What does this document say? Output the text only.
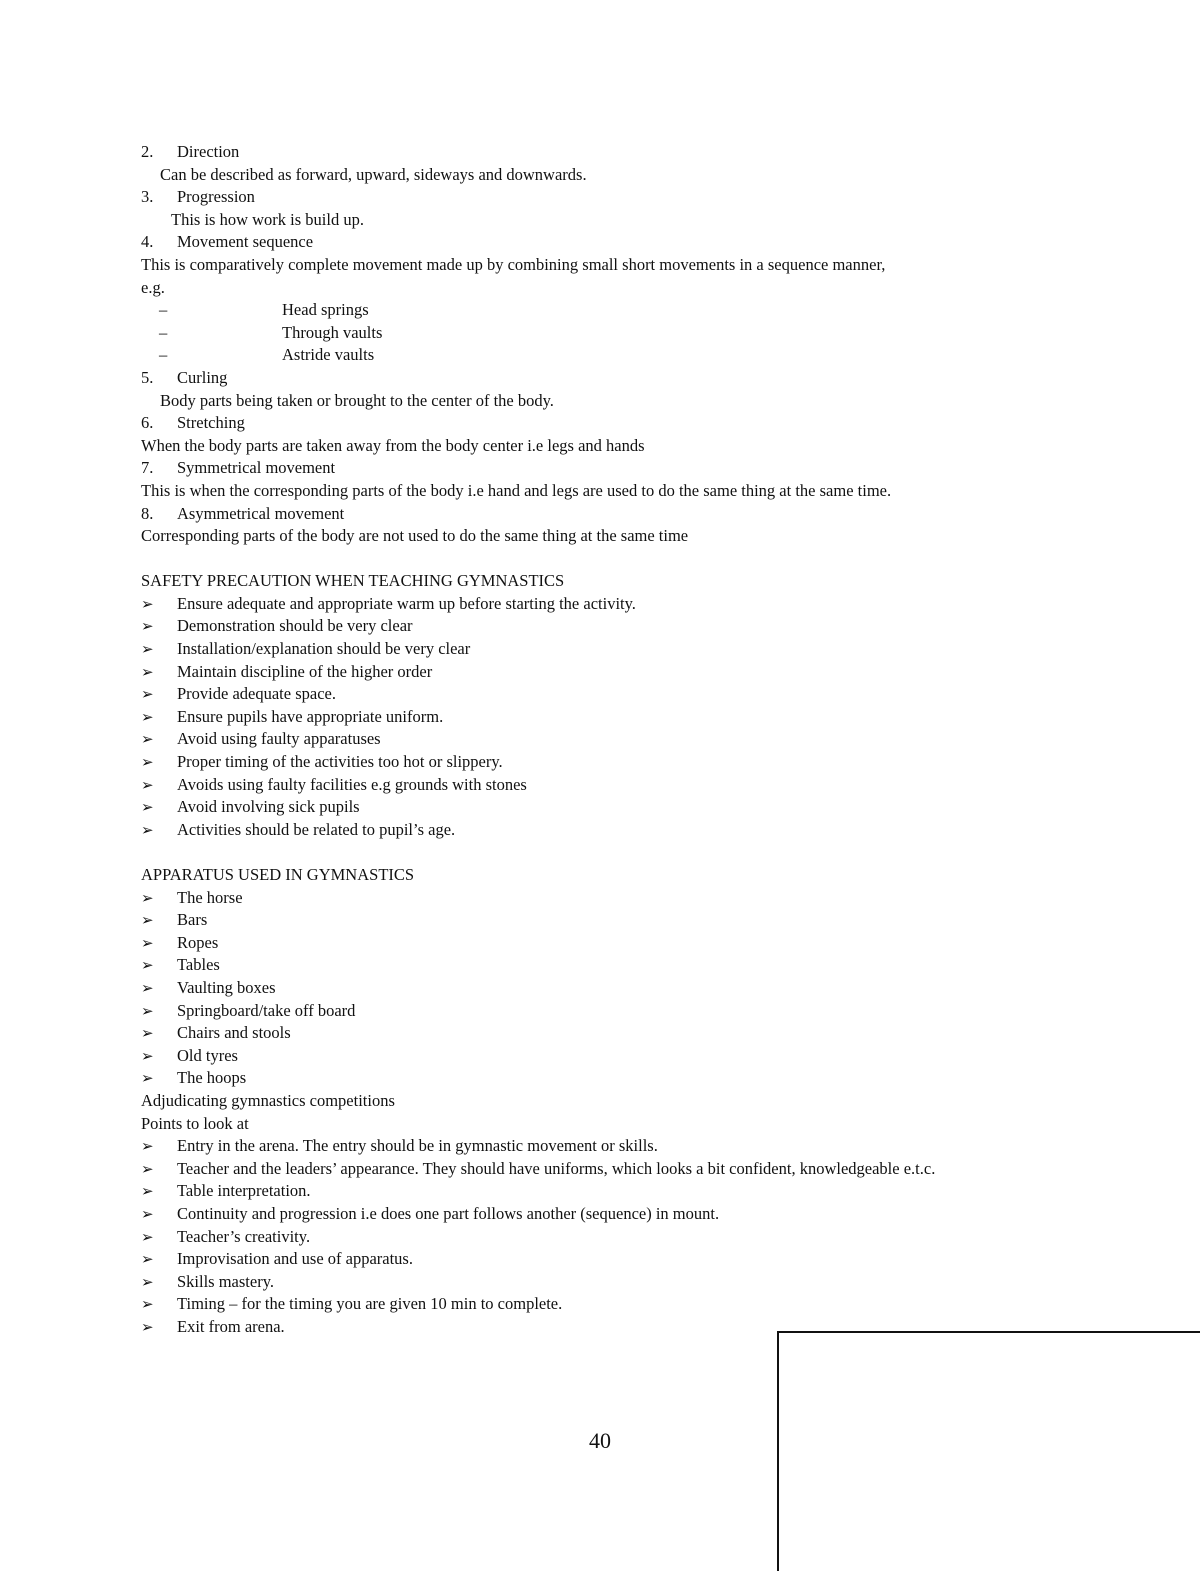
2. Direction
Can be described as forward, upward, sideways and downwards.
3. Progression
This is how work is build up.
4. Movement sequence
This is comparatively complete movement made up by combining small short movements in a sequence manner,
e.g.
–	Head springs
–	Through vaults
–	Astride vaults
5. Curling
Body parts being taken or brought to the center of the body.
6. Stretching
When the body parts are taken away from the body center i.e legs and hands
7. Symmetrical movement
This is when the corresponding parts of the body i.e hand and legs are used to do the same thing at the same time.
8. Asymmetrical movement
Corresponding parts of the body are not used to do the same thing at the same time
SAFETY PRECAUTION WHEN TEACHING GYMNASTICS
➢ Ensure adequate and appropriate warm up before starting the activity.
➢ Demonstration should be very clear
➢ Installation/explanation should be very clear
➢ Maintain discipline of the higher order
➢ Provide adequate space.
➢ Ensure pupils have appropriate uniform.
➢ Avoid using faulty apparatuses
➢ Proper timing of the activities too hot or slippery.
➢ Avoids using faulty facilities e.g grounds with stones
➢ Avoid involving sick pupils
➢ Activities should be related to pupil’s age.
APPARATUS USED IN GYMNASTICS
➢ The horse
➢ Bars
➢ Ropes
➢ Tables
➢ Vaulting boxes
➢ Springboard/take off board
➢ Chairs and stools
➢ Old tyres
➢ The hoops
Adjudicating gymnastics competitions
Points to look at
➢ Entry in the arena. The entry should be in gymnastic movement or skills.
➢ Teacher and the leaders’ appearance. They should have uniforms, which looks a bit confident, knowledgeable e.t.c.
➢ Table interpretation.
➢ Continuity and progression i.e does one part follows another (sequence) in mount.
➢ Teacher’s creativity.
➢ Improvisation and use of apparatus.
➢ Skills mastery.
➢ Timing – for the timing you are given 10 min to complete.
➢ Exit from arena.
40
